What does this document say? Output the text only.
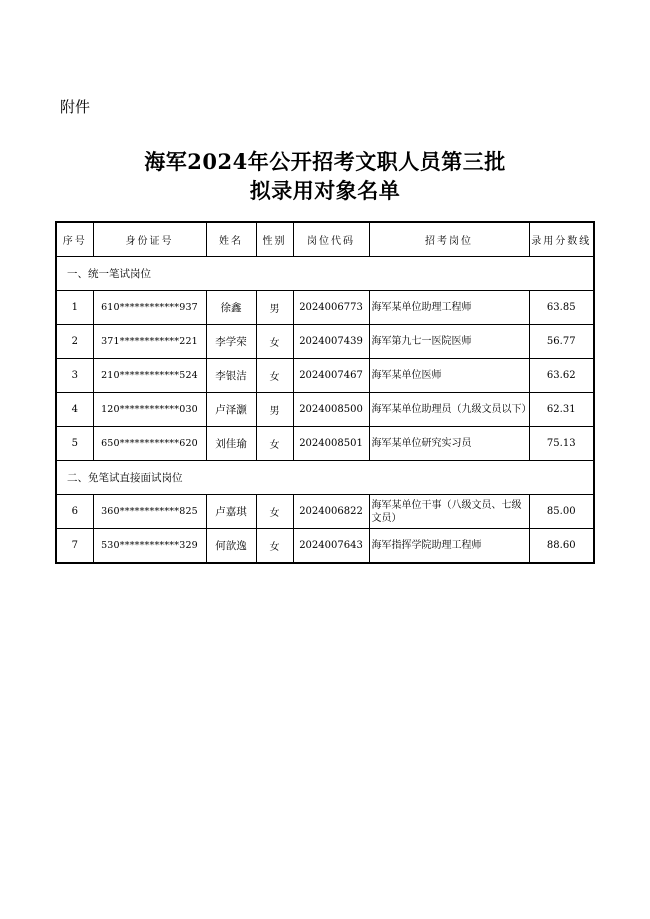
附件
海军2024年公开招考文职人员第三批
拟录用对象名单
序号	身份证号	姓名	性别	岗位代码	招考岗位	录用分数线
一、统一笔试岗位						
1	610************937	徐鑫	男	2024006773	海军某单位助理工程师	63.85
2	371************221	李学荣	女	2024007439	海军第九七一医院医师	56.77
3	210************524	李银洁	女	2024007467	海军某单位医师	63.62
4	120************030	卢泽灏	男	2024008500	海军某单位助理员（九级文员以下）	62.31
5	650************620	刘佳瑜	女	2024008501	海军某单位研究实习员	75.13
二、免笔试直接面试岗位						
6	360************825	卢嘉琪	女	2024006822	海军某单位干事（八级文员、七级文员）	85.00
7	530************329	何歆逸	女	2024007643	海军指挥学院助理工程师	88.60
